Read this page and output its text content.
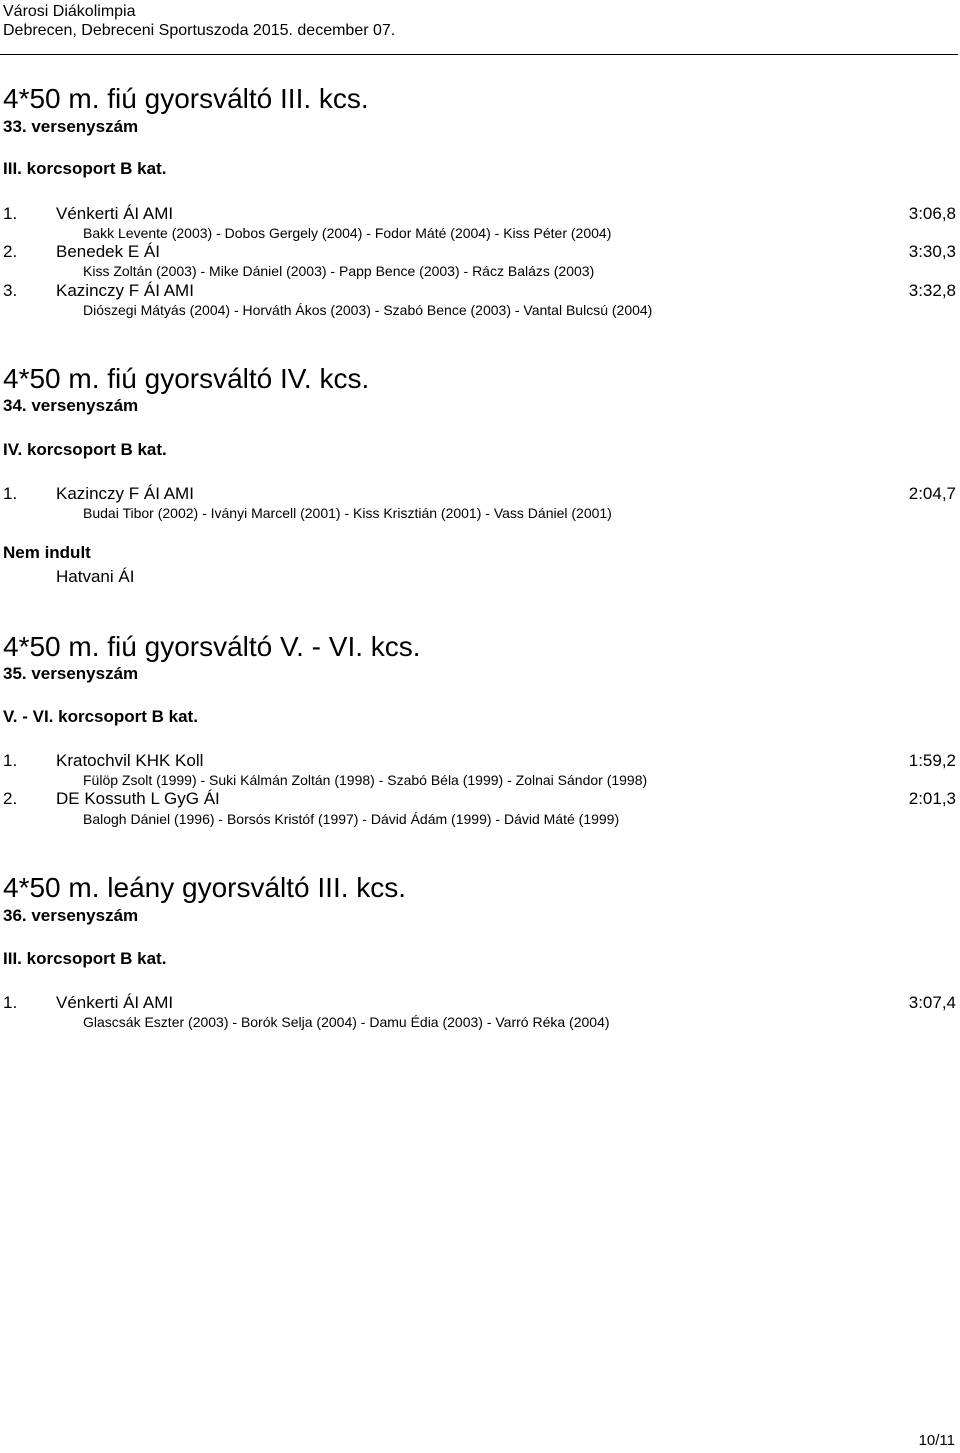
Városi Diákolimpia
Debrecen, Debreceni Sportuszoda 2015. december 07.
4*50 m. fiú gyorsváltó III. kcs.
33. versenyszám
III. korcsoport B kat.
1. Vénkerti ÁI AMI	3:06,8
Bakk Levente (2003) - Dobos Gergely (2004) - Fodor Máté (2004) - Kiss Péter (2004)
2. Benedek E ÁI	3:30,3
Kiss Zoltán (2003) - Mike Dániel (2003) - Papp Bence (2003) - Rácz Balázs (2003)
3. Kazinczy F ÁI AMI	3:32,8
Diószegi Mátyás (2004) - Horváth Ákos (2003) - Szabó Bence (2003) - Vantal Bulcsú (2004)
4*50 m. fiú gyorsváltó IV. kcs.
34. versenyszám
IV. korcsoport B kat.
1. Kazinczy F ÁI AMI	2:04,7
Budai Tibor (2002) - Iványi Marcell (2001) - Kiss Krisztián (2001) - Vass Dániel (2001)
Nem indult
Hatvani ÁI
4*50 m. fiú gyorsváltó V. - VI. kcs.
35. versenyszám
V. - VI. korcsoport B kat.
1. Kratochvil KHK Koll	1:59,2
Fülöp Zsolt (1999) - Suki Kálmán Zoltán (1998) - Szabó Béla (1999) - Zolnai Sándor (1998)
2. DE Kossuth L GyG ÁI	2:01,3
Balogh Dániel (1996) - Borsós Kristóf (1997) - Dávid Ádám (1999) - Dávid Máté (1999)
4*50 m. leány gyorsváltó III. kcs.
36. versenyszám
III. korcsoport B kat.
1. Vénkerti ÁI AMI	3:07,4
Glascsák Eszter (2003) - Borók Selja (2004) - Damu Édia (2003) - Varró Réka (2004)
10/11
